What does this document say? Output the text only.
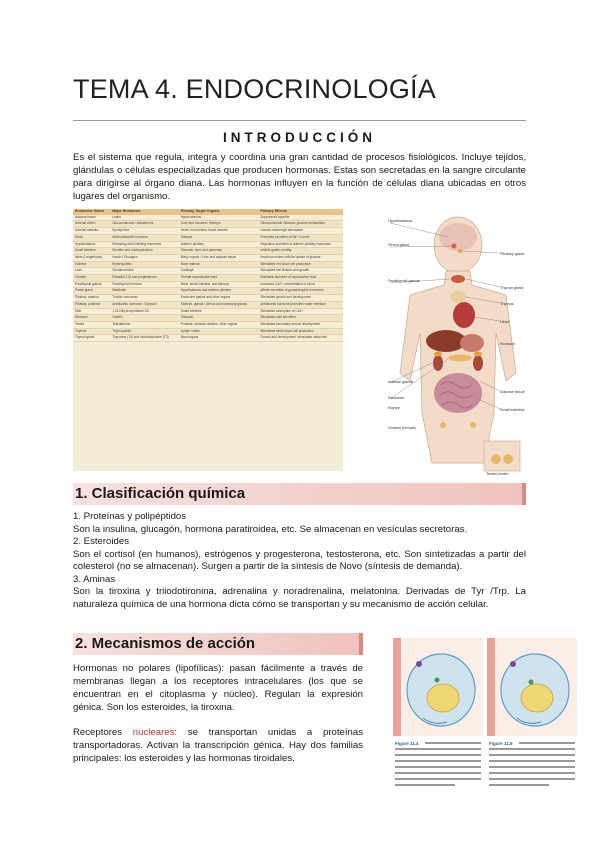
TEMA 4. ENDOCRINOLOGÍA
INTRODUCCIÓN
Es el sistema que regula, integra y coordina una gran cantidad de procesos fisiológicos. Incluye tejidos, glándulas o células especializadas que producen hormonas. Estas son secretadas en la sangre circulante para dirigirse al órgano diana. Las hormonas influyen en la función de células diana ubicadas en otros lugares del organismo.
Endocrine Gland	Major Hormones	Primary Target Organs	Primary Effects
Adipose tissue	Leptin	Hypothalamus	Suppresses appetite
Adrenal cortex	Glucocorticoids / Aldosterone	Liver and muscles / Kidneys	Glucocorticoids influence glucose metabolism
Adrenal medulla	Epinephrine	Heart, bronchioles, blood vessels	Causes adrenergic stimulation
Heart	Atrial natriuretic hormone	Kidneys	Promotes excretion of Na+ in urine
Hypothalamus	Releasing and inhibiting hormones	Anterior pituitary	Regulates secretion of anterior pituitary hormones
Small intestine	Secretin and cholecystokinin	Stomach, liver, and pancreas	Inhibits gastric motility
Islets (Langerhans)	Insulin / Glucagon	Many organs / Liver and adipose tissue	Insulin promotes cellular uptake of glucose
Kidneys	Erythropoietin	Bone marrow	Stimulates red blood cell production
Liver	Somatomedins	Cartilage	Stimulates cell division and growth
Ovaries	Estradiol-17β and progesterone	Female reproductive tract	Maintains structure of reproductive tract
Parathyroid glands	Parathyroid hormone	Bone, small intestine, and kidneys	Increases Ca2+ concentration in blood
Pineal gland	Melatonin	Hypothalamus and anterior pituitary	Affects secretion of gonadotrophic hormones
Pituitary, anterior	Trophic hormones	Endocrine glands and other organs	Stimulates growth and development
Pituitary, posterior	Antidiuretic hormone / Oxytocin	Kidneys, glands / Uterus and mammary glands	Antidiuretic hormone promotes water retention
Skin	1,25-Dihydroxyvitamin D3	Small intestine	Stimulates absorption of Ca2+
Stomach	Gastrin	Stomach	Stimulates acid secretion
Testes	Testosterone	Prostate, seminal vesicles, other organs	Stimulates secondary sexual development
Thymus	Thymopoietin	Lymph nodes	Stimulates white blood cell production
Thyroid gland	Thyroxine (T4) and triiodothyronine (T3)	Most organs	Growth and development; stimulates basal rate
Hypothalamus
Pineal gland
Pituitary gland
Parathyroid glands
Thyroid gland
Thymus
Heart
Stomach
Pancreas
Kidney
Adrenal glands
Adipose tissue
Small intestine
Ovaries (female)
Testes (male)
1. Clasificación química
1. Proteínas y polipéptidos
Son la insulina, glucagón, hormona paratiroidea, etc. Se almacenan en vesículas secretoras.
2. Esteroides
Son el cortisol (en humanos), estrógenos y progesterona, testosterona, etc. Son sintetizadas a partir del colesterol (no se almacenan). Surgen a partir de la síntesis de Novo (síntesis de demanda).
3. Aminas
Son la tiroxina y triiodotironina, adrenalina y noradrenalina, melatonina. Derivadas de Tyr /Trp. La naturaleza química de una hormona dicta cómo se transportan y su mecanismo de acción celular.
2. Mecanismos de acción
Hormonas no polares (lipofílicas): pasan fácilmente a través de membranas llegan a los receptores intracelulares (los que se encuentran en el citoplasma y núcleo). Regulan la expresión génica. Son los esteroides, la tiroxina.
Receptores nucleares: se transportan unidas a proteínas transportadoras. Activan la transcripción génica. Hay dos familias principales: los esteroides y las hormonas tiroidales.
Figure 11.4	Figure 11.5
